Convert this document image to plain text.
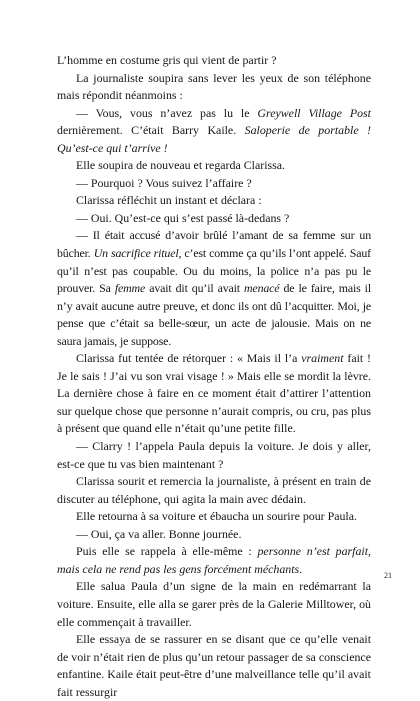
L’homme en costume gris qui vient de partir ?

La journaliste soupira sans lever les yeux de son téléphone mais répondit néanmoins :

— Vous, vous n’avez pas lu le Greywell Village Post dernièrement. C’était Barry Kaile. Saloperie de portable ! Qu’est-ce qui t’arrive !

Elle soupira de nouveau et regarda Clarissa.

— Pourquoi ? Vous suivez l’affaire ?

Clarissa réfléchit un instant et déclara :

— Oui. Qu’est-ce qui s’est passé là-dedans ?

— Il était accusé d’avoir brûlé l’amant de sa femme sur un bûcher. Un sacrifice rituel, c’est comme ça qu’ils l’ont appelé. Sauf qu’il n’est pas coupable. Ou du moins, la police n’a pas pu le prouver. Sa femme avait dit qu’il avait menacé de le faire, mais il n’y avait aucune autre preuve, et donc ils ont dû l’acquitter. Moi, je pense que c’était sa belle-sœur, un acte de jalousie. Mais on ne saura jamais, je suppose.

Clarissa fut tentée de rétorquer : « Mais il l’a vraiment fait ! Je le sais ! J’ai vu son vrai visage ! » Mais elle se mordit la lèvre. La dernière chose à faire en ce moment était d’attirer l’attention sur quelque chose que personne n’aurait compris, ou cru, pas plus à présent que quand elle n’était qu’une petite fille.

— Clarry ! l’appela Paula depuis la voiture. Je dois y aller, est-ce que tu vas bien maintenant ?

Clarissa sourit et remercia la journaliste, à présent en train de discuter au téléphone, qui agita la main avec dédain.

Elle retourna à sa voiture et ébaucha un sourire pour Paula.

— Oui, ça va aller. Bonne journée.

Puis elle se rappela à elle-même : personne n’est parfait, mais cela ne rend pas les gens forcément méchants.

Elle salua Paula d’un signe de la main en redémarrant la voiture. Ensuite, elle alla se garer près de la Galerie Milltower, où elle commençait à travailler.

Elle essaya de se rassurer en se disant que ce qu’elle venait de voir n’était rien de plus qu’un retour passager de sa conscience enfantine. Kaile était peut-être d’une malveillance telle qu’il avait fait ressurgir

21
